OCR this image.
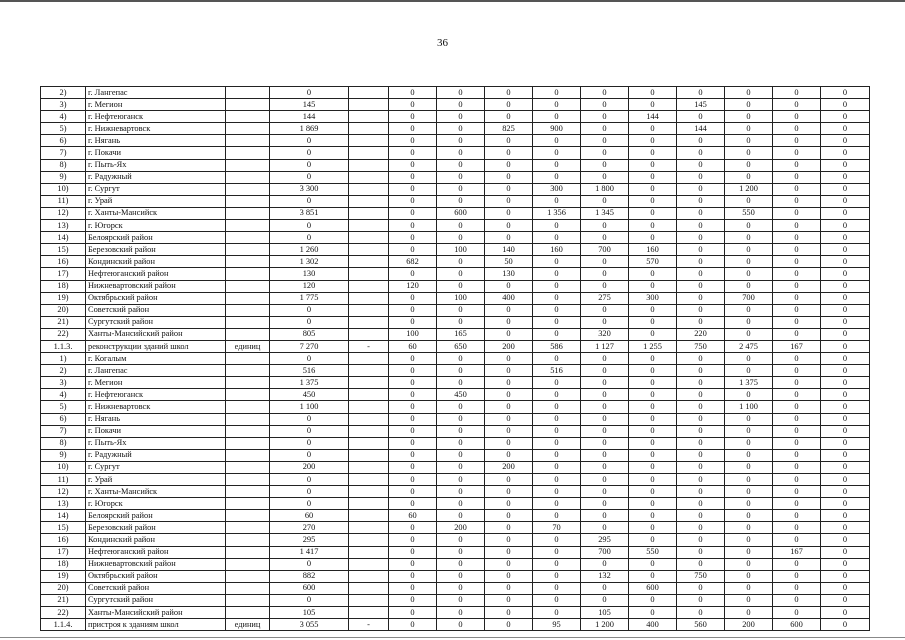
36
2)	г. Лангепас		0		0	0	0	0	0	0	0	0	0	0
3)	г. Мегион		145		0	0	0	0	0	0	145	0	0	0
4)	г. Нефтеюганск		144		0	0	0	0	0	144	0	0	0	0
5)	г. Нижневартовск		1 869		0	0	825	900	0	0	144	0	0	0
6)	г. Нягань		0		0	0	0	0	0	0	0	0	0	0
7)	г. Покачи		0		0	0	0	0	0	0	0	0	0	0
8)	г. Пыть-Ях		0		0	0	0	0	0	0	0	0	0	0
9)	г. Радужный		0		0	0	0	0	0	0	0	0	0	0
10)	г. Сургут		3 300		0	0	0	300	1 800	0	0	1 200	0	0
11)	г. Урай		0		0	0	0	0	0	0	0	0	0	0
12)	г. Ханты-Мансийск		3 851		0	600	0	1 356	1 345	0	0	550	0	0
13)	г. Югорск		0		0	0	0	0	0	0	0	0	0	0
14)	Белоярский район		0		0	0	0	0	0	0	0	0	0	0
15)	Березовский район		1 260		0	100	140	160	700	160	0	0	0	0
16)	Кондинский район		1 302		682	0	50	0	0	570	0	0	0	0
17)	Нефтеюганский район		130		0	0	130	0	0	0	0	0	0	0
18)	Нижневартовский район		120		120	0	0	0	0	0	0	0	0	0
19)	Октябрьский район		1 775		0	100	400	0	275	300	0	700	0	0
20)	Советский район		0		0	0	0	0	0	0	0	0	0	0
21)	Сургутский район		0		0	0	0	0	0	0	0	0	0	0
22)	Ханты-Мансийский район		805		100	165	0	0	320	0	220	0	0	0
1.1.3.	реконструкции зданий школ	единиц	7 270	-	60	650	200	586	1 127	1 255	750	2 475	167	0
1)	г. Когалым		0		0	0	0	0	0	0	0	0	0	0
2)	г. Лангепас		516		0	0	0	516	0	0	0	0	0	0
3)	г. Мегион		1 375		0	0	0	0	0	0	0	1 375	0	0
4)	г. Нефтеюганск		450		0	450	0	0	0	0	0	0	0	0
5)	г. Нижневартовск		1 100		0	0	0	0	0	0	0	1 100	0	0
6)	г. Нягань		0		0	0	0	0	0	0	0	0	0	0
7)	г. Покачи		0		0	0	0	0	0	0	0	0	0	0
8)	г. Пыть-Ях		0		0	0	0	0	0	0	0	0	0	0
9)	г. Радужный		0		0	0	0	0	0	0	0	0	0	0
10)	г. Сургут		200		0	0	200	0	0	0	0	0	0	0
11)	г. Урай		0		0	0	0	0	0	0	0	0	0	0
12)	г. Ханты-Мансийск		0		0	0	0	0	0	0	0	0	0	0
13)	г. Югорск		0		0	0	0	0	0	0	0	0	0	0
14)	Белоярский район		60		60	0	0	0	0	0	0	0	0	0
15)	Березовский район		270		0	200	0	70	0	0	0	0	0	0
16)	Кондинский район		295		0	0	0	0	295	0	0	0	0	0
17)	Нефтеюганский район		1 417		0	0	0	0	700	550	0	0	167	0
18)	Нижневартовский район		0		0	0	0	0	0	0	0	0	0	0
19)	Октябрьский район		882		0	0	0	0	132	0	750	0	0	0
20)	Советский район		600		0	0	0	0	0	600	0	0	0	0
21)	Сургутский район		0		0	0	0	0	0	0	0	0	0	0
22)	Ханты-Мансийский район		105		0	0	0	0	105	0	0	0	0	0
1.1.4.	пристроя к зданиям школ	единиц	3 055	-	0	0	0	95	1 200	400	560	200	600	0
